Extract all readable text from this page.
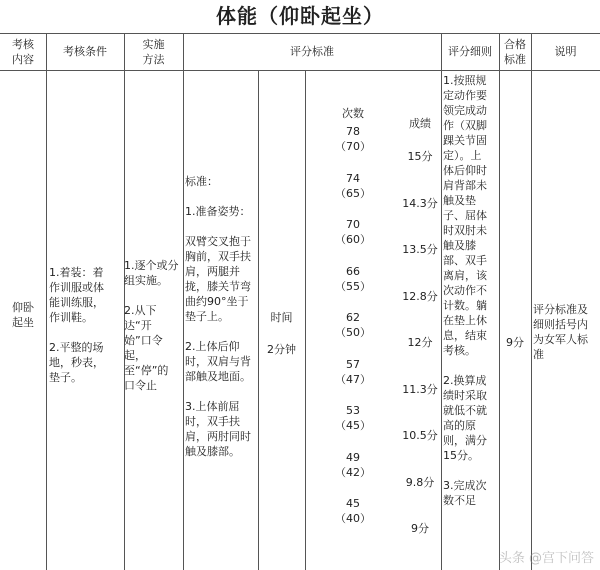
体能（仰卧起坐）
考核
内容
考核条件
实施
方法
评分标准	评分细则
合格
标准
说明
仰卧
起坐
1.着装：着
作训服或体
能训练服，
作训鞋。

2.平整的场
地，秒表，
垫子。
1.逐个或分
组实施。

2.从下
达“开
始”口令
起，
至“停”的
口令止
标准：

1.准备姿势：

双臂交叉抱于
胸前，双手扶
肩，两腿并
拢，膝关节弯
曲约90°坐于
垫子上。

2.上体后仰
时，双肩与背
部触及地面。

3.上体前屈
时，双手扶
肩，两肘同时
触及膝部。
时间
2分钟
次数
成绩
78
（70）
74
（65）
70
（60）
66
（55）
62
（50）
57
（47）
53
（45）
49
（42）
45
（40）
15分
14.3分
13.5分
12.8分
12分
11.3分
10.5分
9.8分
9分
1.按照规
定动作要
领完成动
作（双脚
踝关节固
定）。上
体后仰时
肩背部未
触及垫
子、屈体
时双肘未
触及膝
部、双手
离肩，该
次动作不
计数。躺
在垫上休
息，结束
考核。

2.换算成
绩时采取
就低不就
高的原
则，满分
15分。

3.完成次
数不足
9分
评分标准及
细则括号内
为女军人标
准
头条 @宫下问答
